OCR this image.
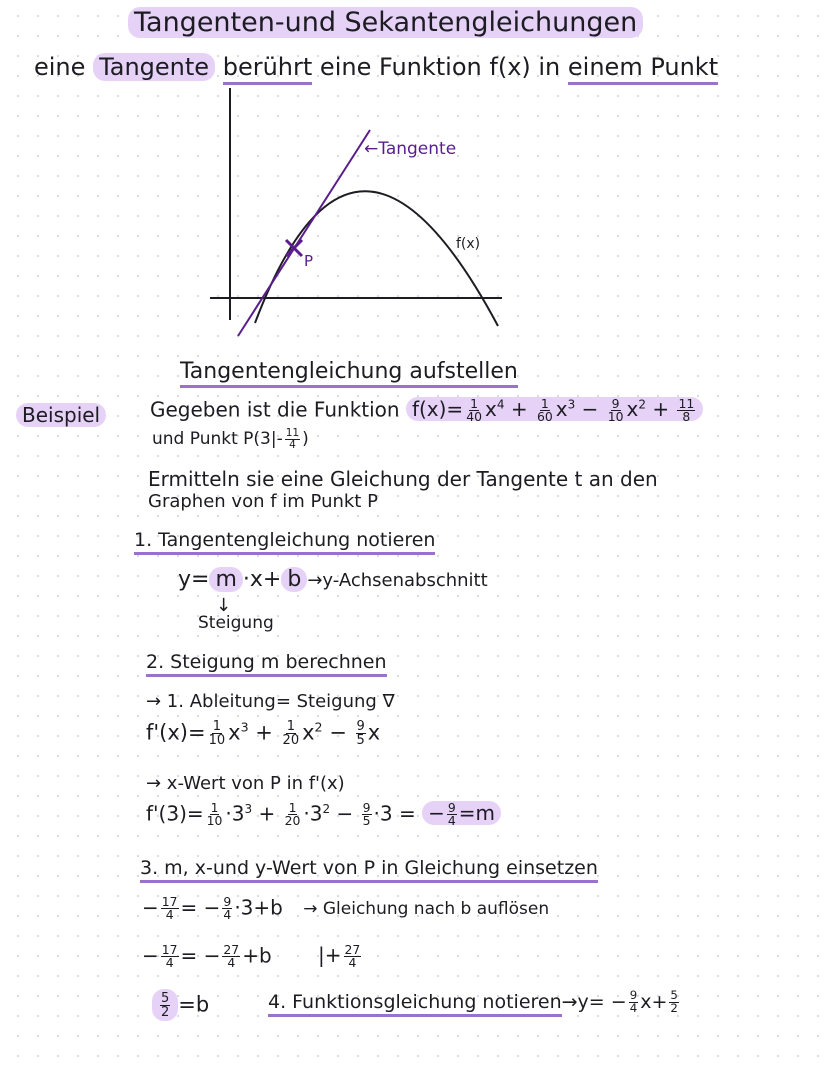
Tangenten-und Sekantengleichungen
eine Tangente berührt eine Funktion f(x) in einem Punkt
P
←Tangente
f(x)
Tangentengleichung aufstellen
Beispiel	Gegeben ist die Funktion $f(x)= \frac{1}{40} x^4 + \frac{1}{60} x^3 - \frac{9}{10} x^2 + \frac{11}{8}$
und Punkt $P(3|- \frac{11}{4}$ )
Ermitteln sie eine Gleichung der Tangente t an den
Graphen von f im Punkt P
1. Tangentengleichung notieren
y= m ·x+ b →y-Achsenabschnitt
↓
Steigung
2. Steigung m berechnen
→ 1. Ableitung= Steigung ∇
$f'(x)= \frac{1}{10} x^3 + \frac{1}{20} x^2 - \frac{9}{5}$ x
→ x-Wert von P in f'(x)
$f'(3)= \frac{1}{10} \cdot 3^3 + \frac{1}{20} \cdot 3^2 - \frac{9}{5} \cdot 3$ = − $\frac{9}{4} =m$
3. m, x-und y-Wert von P in Gleichung einsetzen
− $\frac{17}{4}$ = − $\frac{9}{4} \cdot 3+b$ → Gleichung nach b auflösen
− $\frac{17}{4}$ = − $\frac{27}{4} +b$ |+ $\frac{27}{4}$
$\frac{5}{2} =b$	4. Funktionsgleichung notieren→y= − $\frac{9}{4} x+ \frac{5}{2}$
